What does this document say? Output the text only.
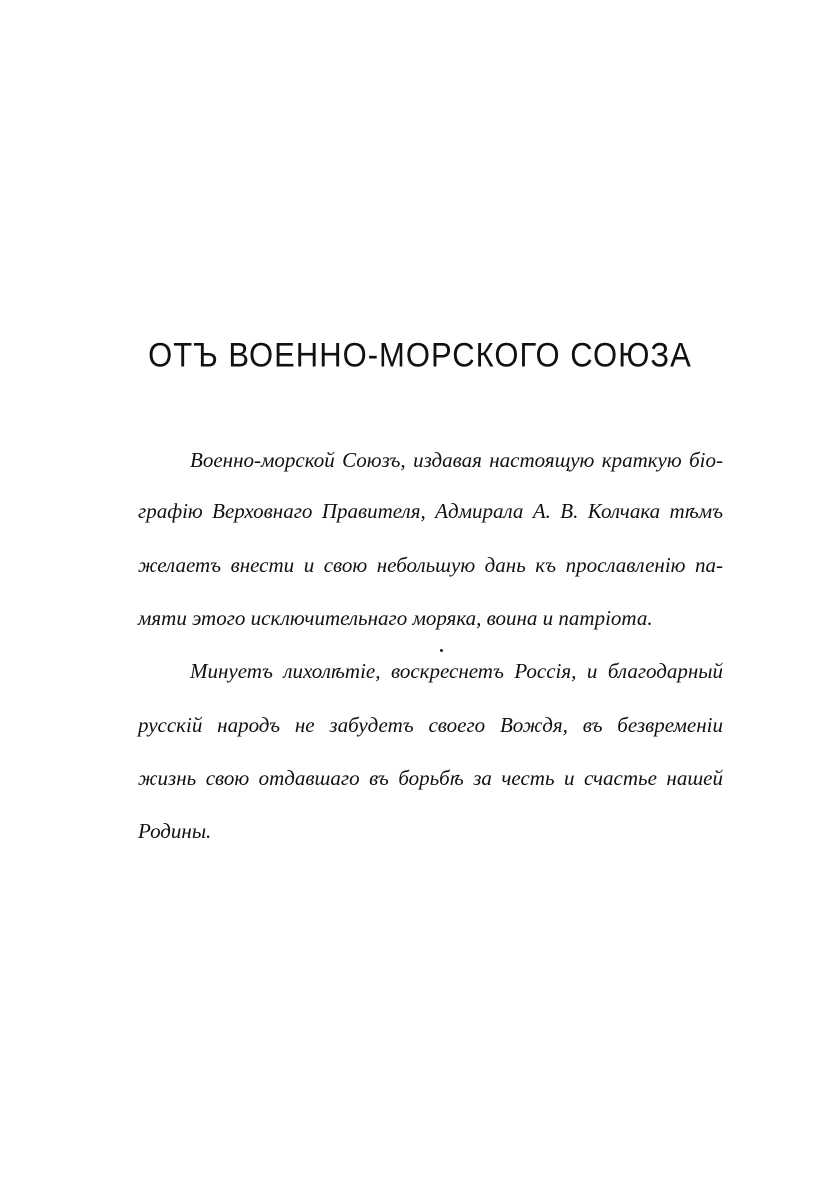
ОТЪ ВОЕННО-МОРСКОГО СОЮЗА
Военно-морской Союзъ, издавая настоящую краткую біо-
графію Верховнаго Правителя, Адмирала А. В. Колчака тѣмъ
желаетъ внести и свою небольшую дань къ прославленію па-
мяти этого исключительнаго моряка, воина и патріота.
Минуетъ лихолѣтіе, воскреснетъ Россія, и благодарный
русскій народъ не забудетъ своего Вождя, въ безвременіи
жизнь свою отдавшаго въ борьбѣ за честь и счастье нашей
Родины.
